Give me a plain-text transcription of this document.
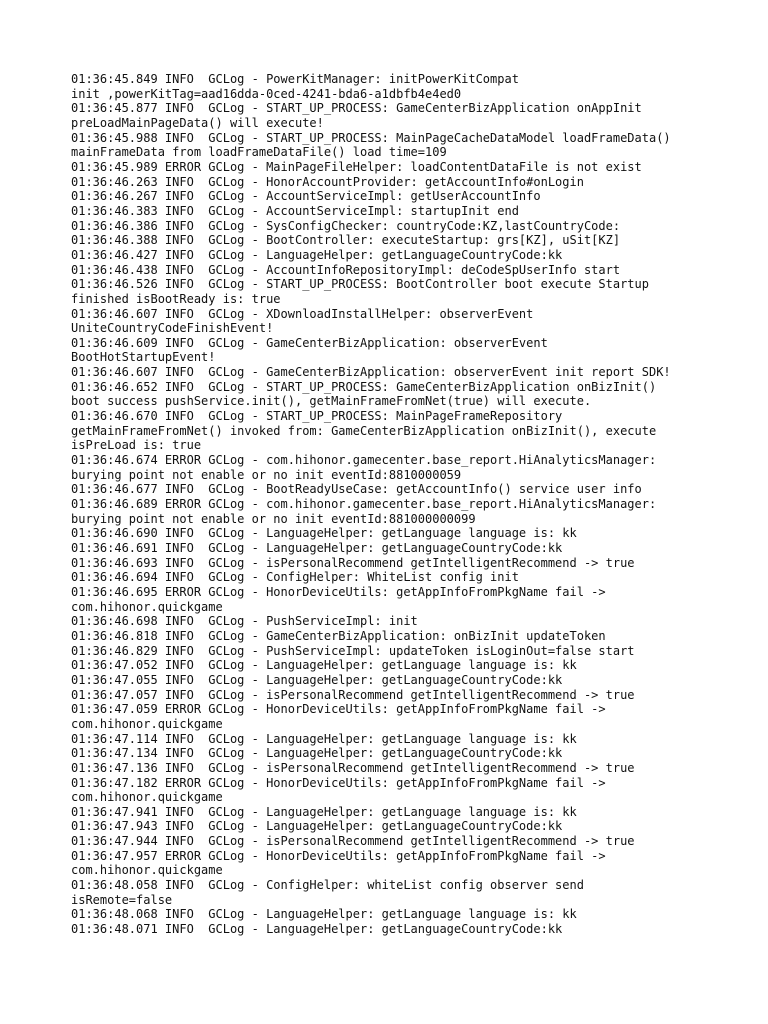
01:36:45.849 INFO  GCLog - PowerKitManager: initPowerKitCompat
init ,powerKitTag=aad16dda-0ced-4241-bda6-a1dbfb4e4ed0
01:36:45.877 INFO  GCLog - START_UP_PROCESS: GameCenterBizApplication onAppInit
preLoadMainPageData() will execute!
01:36:45.988 INFO  GCLog - START_UP_PROCESS: MainPageCacheDataModel loadFrameData()
mainFrameData from loadFrameDataFile() load time=109
01:36:45.989 ERROR GCLog - MainPageFileHelper: loadContentDataFile is not exist
01:36:46.263 INFO  GCLog - HonorAccountProvider: getAccountInfo#onLogin
01:36:46.267 INFO  GCLog - AccountServiceImpl: getUserAccountInfo
01:36:46.383 INFO  GCLog - AccountServiceImpl: startupInit end
01:36:46.386 INFO  GCLog - SysConfigChecker: countryCode:KZ,lastCountryCode:
01:36:46.388 INFO  GCLog - BootController: executeStartup: grs[KZ], uSit[KZ]
01:36:46.427 INFO  GCLog - LanguageHelper: getLanguageCountryCode:kk
01:36:46.438 INFO  GCLog - AccountInfoRepositoryImpl: deCodeSpUserInfo start
01:36:46.526 INFO  GCLog - START_UP_PROCESS: BootController boot execute Startup
finished isBootReady is: true
01:36:46.607 INFO  GCLog - XDownloadInstallHelper: observerEvent
UniteCountryCodeFinishEvent!
01:36:46.609 INFO  GCLog - GameCenterBizApplication: observerEvent
BootHotStartupEvent!
01:36:46.607 INFO  GCLog - GameCenterBizApplication: observerEvent init report SDK!
01:36:46.652 INFO  GCLog - START_UP_PROCESS: GameCenterBizApplication onBizInit()
boot success pushService.init(), getMainFrameFromNet(true) will execute.
01:36:46.670 INFO  GCLog - START_UP_PROCESS: MainPageFrameRepository
getMainFrameFromNet() invoked from: GameCenterBizApplication onBizInit(), execute
isPreLoad is: true
01:36:46.674 ERROR GCLog - com.hihonor.gamecenter.base_report.HiAnalyticsManager:
burying point not enable or no init eventId:8810000059
01:36:46.677 INFO  GCLog - BootReadyUseCase: getAccountInfo() service user info
01:36:46.689 ERROR GCLog - com.hihonor.gamecenter.base_report.HiAnalyticsManager:
burying point not enable or no init eventId:881000000099
01:36:46.690 INFO  GCLog - LanguageHelper: getLanguage language is: kk
01:36:46.691 INFO  GCLog - LanguageHelper: getLanguageCountryCode:kk
01:36:46.693 INFO  GCLog - isPersonalRecommend getIntelligentRecommend -> true
01:36:46.694 INFO  GCLog - ConfigHelper: WhiteList config init
01:36:46.695 ERROR GCLog - HonorDeviceUtils: getAppInfoFromPkgName fail ->
com.hihonor.quickgame
01:36:46.698 INFO  GCLog - PushServiceImpl: init
01:36:46.818 INFO  GCLog - GameCenterBizApplication: onBizInit updateToken
01:36:46.829 INFO  GCLog - PushServiceImpl: updateToken isLoginOut=false start
01:36:47.052 INFO  GCLog - LanguageHelper: getLanguage language is: kk
01:36:47.055 INFO  GCLog - LanguageHelper: getLanguageCountryCode:kk
01:36:47.057 INFO  GCLog - isPersonalRecommend getIntelligentRecommend -> true
01:36:47.059 ERROR GCLog - HonorDeviceUtils: getAppInfoFromPkgName fail ->
com.hihonor.quickgame
01:36:47.114 INFO  GCLog - LanguageHelper: getLanguage language is: kk
01:36:47.134 INFO  GCLog - LanguageHelper: getLanguageCountryCode:kk
01:36:47.136 INFO  GCLog - isPersonalRecommend getIntelligentRecommend -> true
01:36:47.182 ERROR GCLog - HonorDeviceUtils: getAppInfoFromPkgName fail ->
com.hihonor.quickgame
01:36:47.941 INFO  GCLog - LanguageHelper: getLanguage language is: kk
01:36:47.943 INFO  GCLog - LanguageHelper: getLanguageCountryCode:kk
01:36:47.944 INFO  GCLog - isPersonalRecommend getIntelligentRecommend -> true
01:36:47.957 ERROR GCLog - HonorDeviceUtils: getAppInfoFromPkgName fail ->
com.hihonor.quickgame
01:36:48.058 INFO  GCLog - ConfigHelper: whiteList config observer send
isRemote=false
01:36:48.068 INFO  GCLog - LanguageHelper: getLanguage language is: kk
01:36:48.071 INFO  GCLog - LanguageHelper: getLanguageCountryCode:kk
